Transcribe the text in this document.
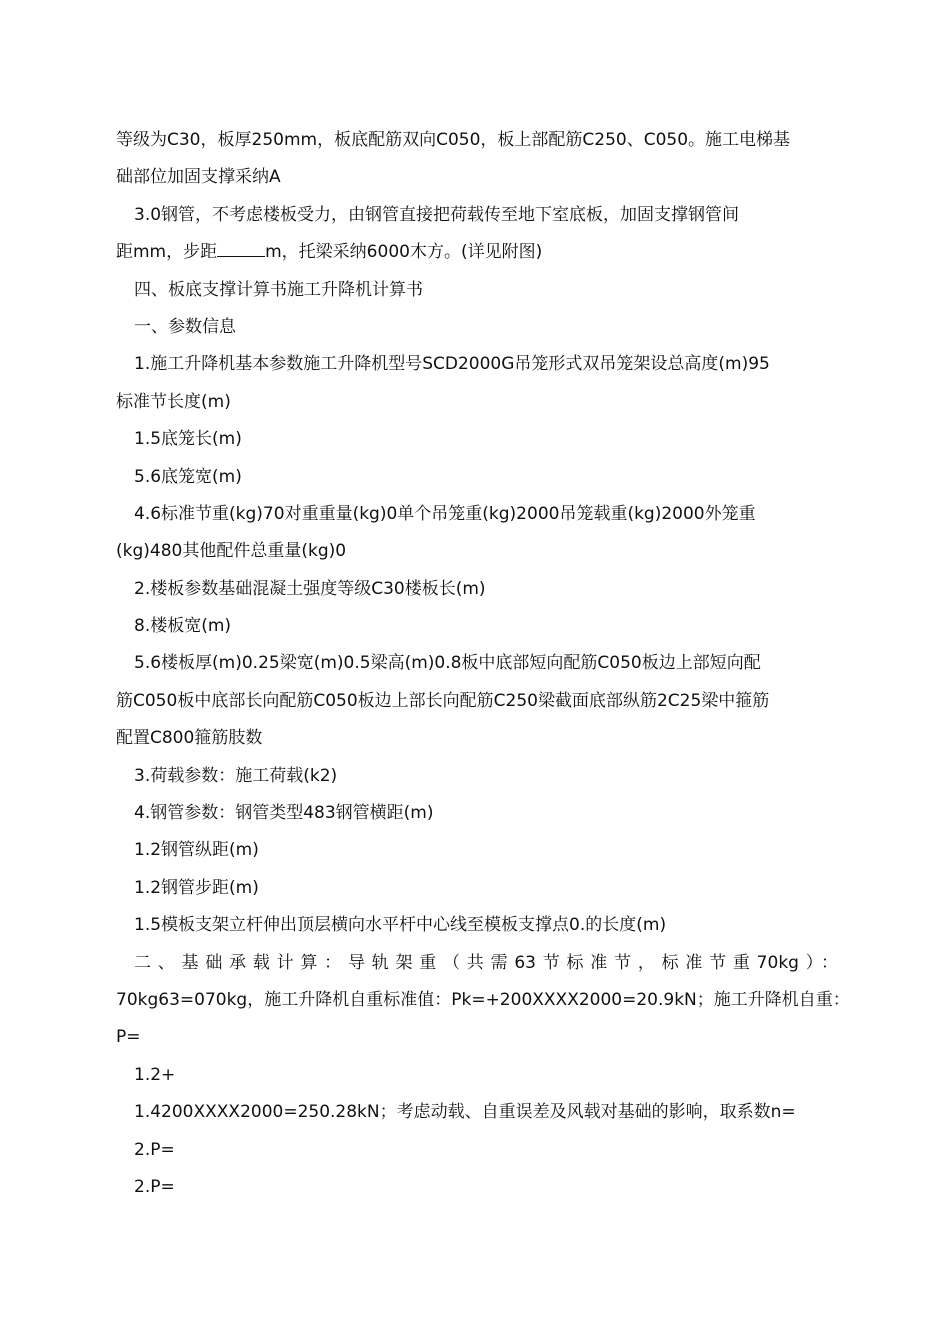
等级为C30，板厚250mm，板底配筋双向C050，板上部配筋C250、C050。施工电梯基
础部位加固支撑采纳A
3.0钢管，不考虑楼板受力，由钢管直接把荷载传至地下室底板，加固支撑钢管间
距mm，步距	m，托梁采纳6000木方。(详见附图)
四、板底支撑计算书施工升降机计算书
一、参数信息
1.施工升降机基本参数施工升降机型号SCD2000G吊笼形式双吊笼架设总高度(m)95
标准节长度(m)
1.5底笼长(m)
5.6底笼宽(m)
4.6标准节重(kg)70对重重量(kg)0单个吊笼重(kg)2000吊笼载重(kg)2000外笼重
(kg)480其他配件总重量(kg)0
2.楼板参数基础混凝土强度等级C30楼板长(m)
8.楼板宽(m)
5.6楼板厚(m)0.25梁宽(m)0.5梁高(m)0.8板中底部短向配筋C050板边上部短向配
筋C050板中底部长向配筋C050板边上部长向配筋C250梁截面底部纵筋2C25梁中箍筋
配置C800箍筋肢数
3.荷载参数：施工荷载(k2)
4.钢管参数：钢管类型483钢管横距(m)
1.2钢管纵距(m)
1.2钢管步距(m)
1.5模板支架立杆伸出顶层横向水平杆中心线至模板支撑点0.的长度(m)
二、基础承载计算：导轨架重（共需63节标准节，标准节重70kg）：
70kg63=070kg，施工升降机自重标准值：Pk=+200XXXX2000=20.9kN；施工升降机自重：
P=
1.2+
1.4200XXXX2000=250.28kN；考虑动载、自重误差及风载对基础的影响，取系数n=
2.P=
2.P=
